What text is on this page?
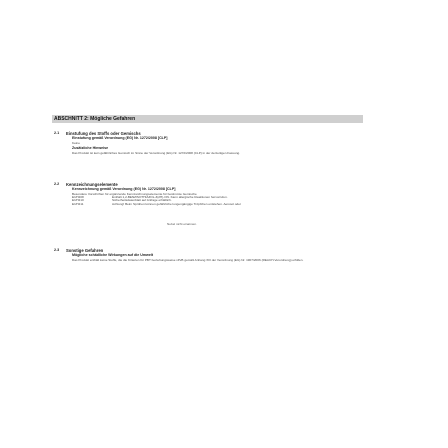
ABSCHNITT 2: Mögliche Gefahren
2.1	Einstufung des Stoffs oder Gemischs
Einstufung gemäß Verordnung (EG) Nr. 1272/2008 [CLP]
Keine
Zusätzliche Hinweise
Das Produkt ist kein gefährliches Gemisch im Sinne der Verordnung (EG) Nr. 1272/2008 (CLP) in der derzeitigen Fassung.
2.2	Kennzeichnungselemente
Kennzeichnung gemäß Verordnung (EG) Nr. 1272/2008 [CLP]
Besondere Vorschriften für ergänzende Kennzeichnungselemente für bestimmte Gemische
EUH208	Enthält 1,2-BENZISOTHIAZOL-3(2H)-ON. Kann allergische Reaktionen hervorrufen.
EUH210	Sicherheitsdatenblatt auf Anfrage erhältlich.
EUH211	Achtung! Beim Sprühen können gefährliche lungengängige Tröpfchen entstehen. Aerosol oder
Nebel nicht einatmen.
2.3	Sonstige Gefahren
Mögliche schädliche Wirkungen auf die Umwelt
Das Produkt enthält keine Stoffe, die die Kriterien für PBT beziehungsweise vPvB gemäß Anhang XIII der Verordnung (EG) Nr. 1907/2006 (REACH-Verordnung) erfüllen.
